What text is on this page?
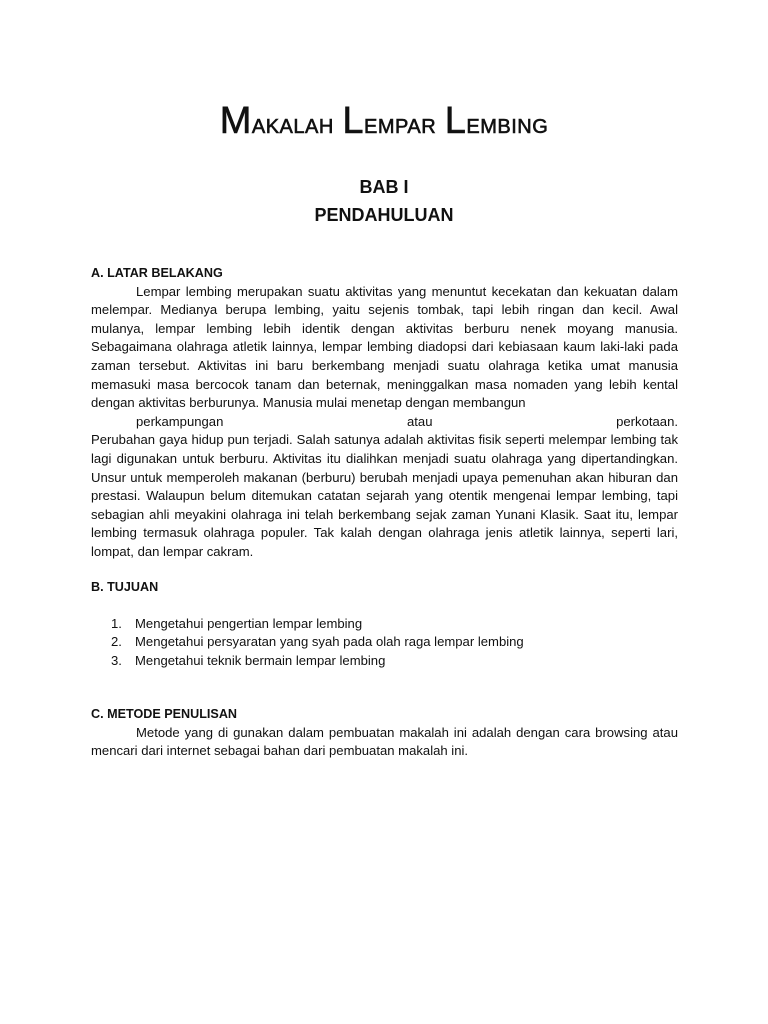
Makalah Lempar Lembing
BAB I
PENDAHULUAN

A. LATAR BELAKANG

Lempar lembing merupakan suatu aktivitas yang menuntut kecekatan dan kekuatan dalam melempar. Medianya berupa lembing, yaitu sejenis tombak, tapi lebih ringan dan kecil. Awal mulanya, lempar lembing lebih identik dengan aktivitas berburu nenek moyang manusia. Sebagaimana olahraga atletik lainnya, lempar lembing diadopsi dari kebiasaan kaum laki-laki pada zaman tersebut. Aktivitas ini baru berkembang menjadi suatu olahraga ketika umat manusia memasuki masa bercocok tanam dan beternak, meninggalkan masa nomaden yang lebih kental dengan aktivitas berburunya. Manusia mulai menetap dengan membangun
perkampungan atau perkotaan.

Perubahan gaya hidup pun terjadi. Salah satunya adalah aktivitas fisik seperti melempar lembing tak lagi digunakan untuk berburu. Aktivitas itu dialihkan menjadi suatu olahraga yang dipertandingkan. Unsur untuk memperoleh makanan (berburu) berubah menjadi upaya pemenuhan akan hiburan dan prestasi. Walaupun belum ditemukan catatan sejarah yang otentik mengenai lempar lembing, tapi sebagian ahli meyakini olahraga ini telah berkembang sejak zaman Yunani Klasik. Saat itu, lempar lembing termasuk olahraga populer. Tak kalah dengan olahraga jenis atletik lainnya, seperti lari, lompat, dan lempar cakram.

B. TUJUAN

Mengetahui pengertian lempar lembing
Mengetahui persyaratan yang syah pada olah raga lempar lembing
Mengetahui teknik bermain lempar lembing

C. METODE PENULISAN

Metode yang di gunakan dalam pembuatan makalah ini adalah dengan cara browsing atau mencari dari internet sebagai bahan dari pembuatan makalah ini.
